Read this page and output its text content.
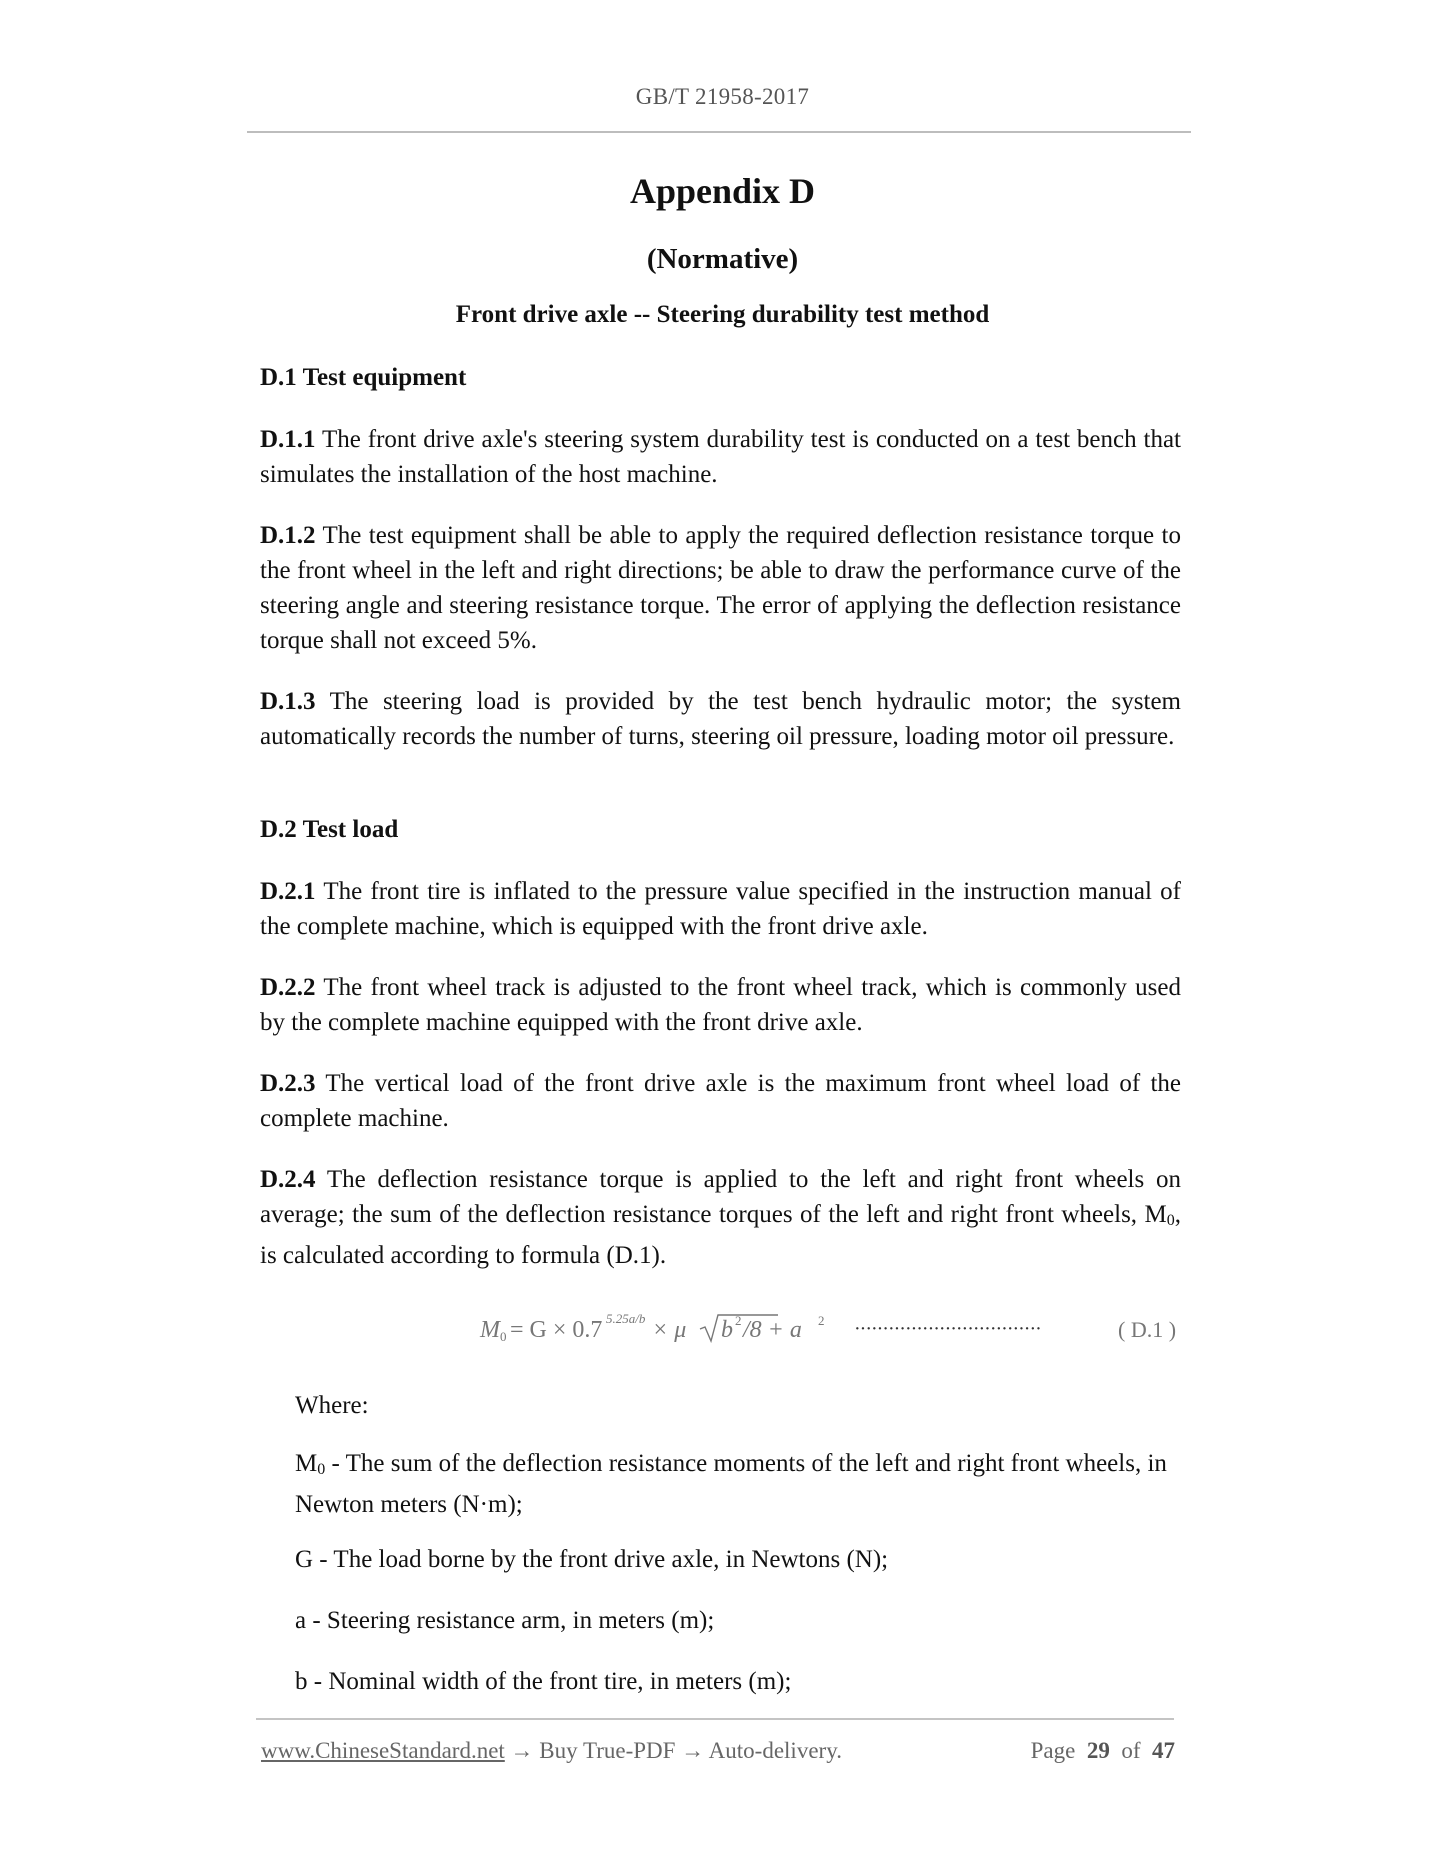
GB/T 21958-2017
Appendix D
(Normative)
Front drive axle -- Steering durability test method
D.1 Test equipment

D.1.1 The front drive axle's steering system durability test is conducted on a test bench that simulates the installation of the host machine.

D.1.2 The test equipment shall be able to apply the required deflection resistance torque to the front wheel in the left and right directions; be able to draw the performance curve of the steering angle and steering resistance torque. The error of applying the deflection resistance torque shall not exceed 5%.

D.1.3 The steering load is provided by the test bench hydraulic motor; the system automatically records the number of turns, steering oil pressure, loading motor oil pressure.

D.2 Test load

D.2.1 The front tire is inflated to the pressure value specified in the instruction manual of the complete machine, which is equipped with the front drive axle.

D.2.2 The front wheel track is adjusted to the front wheel track, which is commonly used by the complete machine equipped with the front drive axle.

D.2.3 The vertical load of the front drive axle is the maximum front wheel load of the complete machine.

D.2.4 The deflection resistance torque is applied to the left and right front wheels on average; the sum of the deflection resistance torques of the left and right front wheels, $M_0$, is calculated according to formula (D.1).

M 0 = G × 0.7 5.25a/b × μ b 2 /8 + a 2 ·································	( D.1 )
Where:

$M_0$ - The sum of the deflection resistance moments of the left and right front wheels, in Newton meters (N·m);

G - The load borne by the front drive axle, in Newtons (N);

a - Steering resistance arm, in meters (m);

b - Nominal width of the front tire, in meters (m);

www.ChineseStandard.net → Buy True-PDF → Auto-delivery.	Page 29 of 47
